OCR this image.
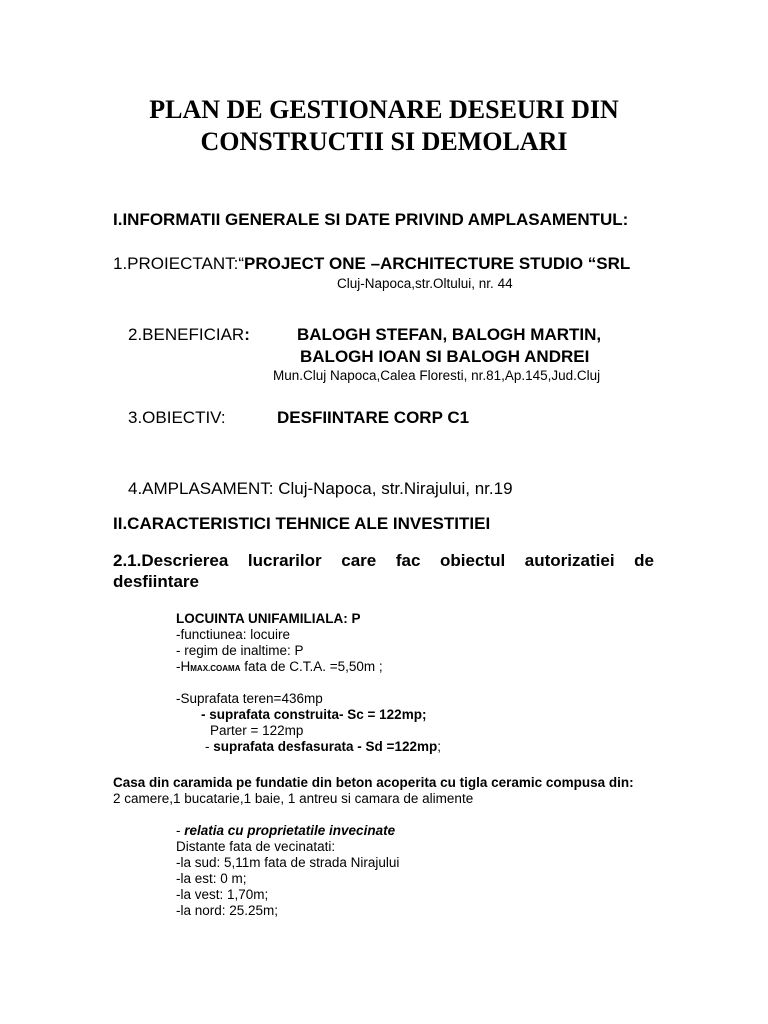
PLAN DE GESTIONARE DESEURI DIN
CONSTRUCTII SI DEMOLARI
I.INFORMATII GENERALE SI DATE PRIVIND AMPLASAMENTUL:
1.PROIECTANT:“PROJECT ONE –ARCHITECTURE STUDIO “SRL
Cluj-Napoca,str.Oltului, nr. 44
2.BENEFICIAR:	BALOGH STEFAN, BALOGH MARTIN,
BALOGH IOAN SI BALOGH ANDREI
Mun.Cluj Napoca,Calea Floresti, nr.81,Ap.145,Jud.Cluj
3.OBIECTIV:	DESFIINTARE CORP C1
4.AMPLASAMENT: Cluj-Napoca, str.Nirajului, nr.19
II.CARACTERISTICI TEHNICE ALE INVESTITIEI
2.1.Descrierea lucrarilor care fac obiectul autorizatiei de desfiintare
LOCUINTA UNIFAMILIALA: P
-functiunea: locuire
- regim de inaltime: P
-HMAX.COAMA fata de C.T.A. =5,50m ;
-Suprafata teren=436mp
- suprafata construita- Sc = 122mp;
Parter = 122mp
- suprafata desfasurata - Sd =122mp;
Casa din caramida pe fundatie din beton acoperita cu tigla ceramic compusa din:
2 camere,1 bucatarie,1 baie, 1 antreu si camara de alimente
- relatia cu proprietatile invecinate
Distante fata de vecinatati:
-la sud: 5,11m fata de strada Nirajului
-la est: 0 m;
-la vest: 1,70m;
-la nord: 25.25m;
